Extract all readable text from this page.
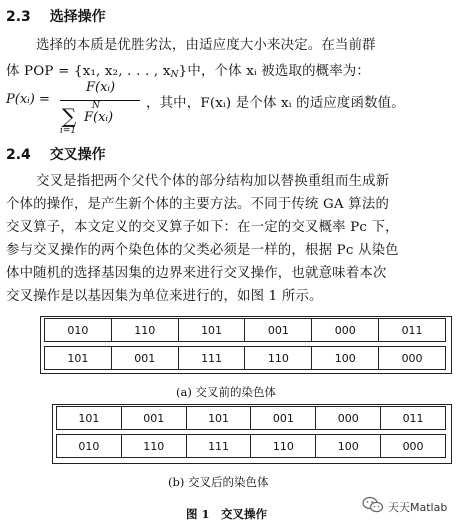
2.3 选择操作
选择的本质是优胜劣汰，由适应度大小来决定。在当前群
体 POP = {x₁, x₂, . . . , xN}中，个体 xᵢ 被选取的概率为：
P(xᵢ) =
F(xᵢ)
N
∑ F(xᵢ)
i=1
，其中，F(xᵢ) 是个体 xᵢ 的适应度函数值。
2.4 交叉操作
交叉是指把两个父代个体的部分结构加以替换重组而生成新
个体的操作，是产生新个体的主要方法。不同于传统 GA 算法的
交叉算子，本文定义的交叉算子如下：在一定的交叉概率 Pc 下，
参与交叉操作的两个染色体的父类必须是一样的，根据 Pc 从染色
体中随机的选择基因集的边界来进行交叉操作，也就意味着本次
交叉操作是以基因集为单位来进行的，如图 1 所示。
010	110	101	001	000	011
101	001	111	110	100	000
(a) 交叉前的染色体
101	001	101	001	000	011
010	110	111	110	100	000
(b) 交叉后的染色体
图 1　交叉操作	天天Matlab
